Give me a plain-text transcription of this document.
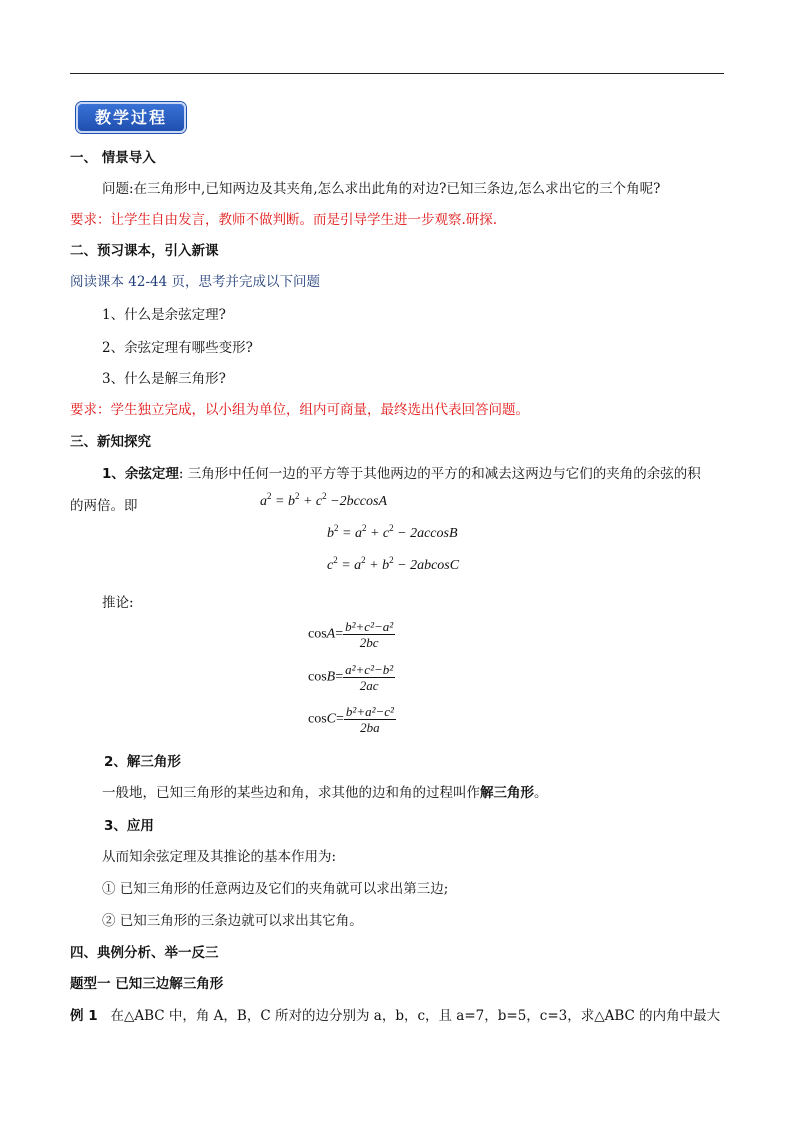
教学过程
一、 情景导入
问题:在三角形中,已知两边及其夹角,怎么求出此角的对边?已知三条边,怎么求出它的三个角呢?
要求：让学生自由发言，教师不做判断。而是引导学生进一步观察.研探.
二、预习课本，引入新课
阅读课本 42-44 页，思考并完成以下问题
1、什么是余弦定理?
2、余弦定理有哪些变形?
3、什么是解三角形?
要求：学生独立完成，以小组为单位，组内可商量，最终选出代表回答问题。
三、新知探究
1、余弦定理: 三角形中任何一边的平方等于其他两边的平方的和减去这两边与它们的夹角的余弦的积
的两倍。即	$a^2 = b^2 + c^2 -2bccosA$
$b^2 = a^2 + c^2 - 2accosB$
$c^2 = a^2 + b^2 - 2abcosC$
推论:
$\cos A= \frac{\text{b²+c²−a²}}{2bc}$
$\cos B= \frac{\text{a²+c²−b²}}{2ac}$
$\cos C= \frac{\text{b²+a²−c²}}{2ba}$
2、解三角形
一般地，已知三角形的某些边和角，求其他的边和角的过程叫作解三角形。
3、应用
从而知余弦定理及其推论的基本作用为:
① 已知三角形的任意两边及它们的夹角就可以求出第三边;
② 已知三角形的三条边就可以求出其它角。
四、典例分析、举一反三
题型一 已知三边解三角形
例 1 在△ABC 中，角 A，B，C 所对的边分别为 a，b，c，且 a=7，b=5，c=3，求△ABC 的内角中最大
